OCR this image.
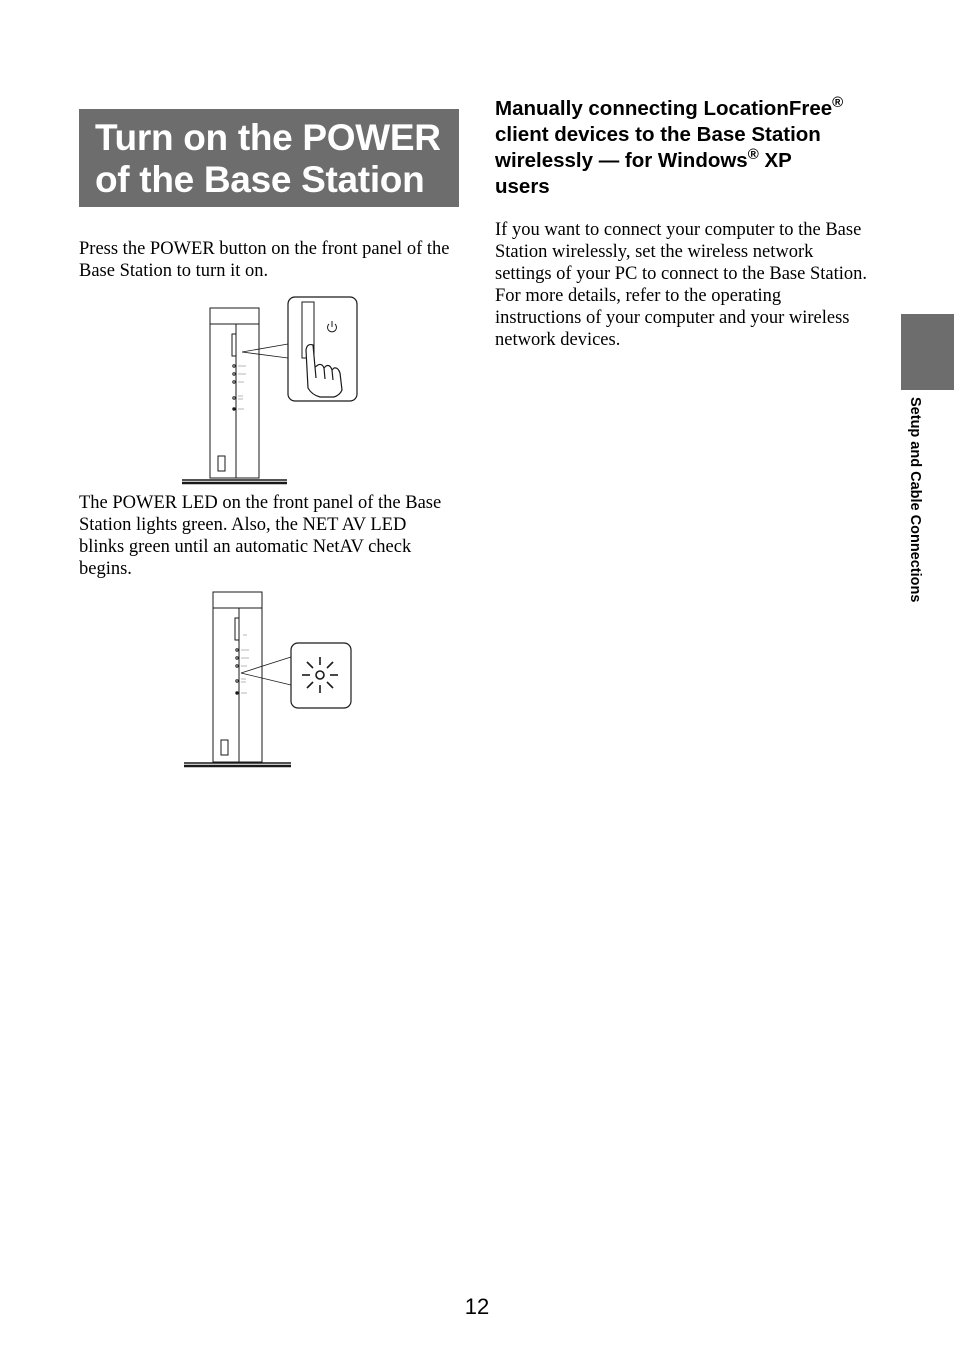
Turn on the POWER
of the Base Station

Press the POWER button on the front panel of the
Base Station to turn it on.

The POWER LED on the front panel of the Base
Station lights green. Also, the NET AV LED
blinks green until an automatic NetAV check
begins.

Manually connecting LocationFree®
client devices to the Base Station
wirelessly — for Windows® XP
users

If you want to connect your computer to the Base
Station wirelessly, set the wireless network
settings of your PC to connect to the Base Station.
For more details, refer to the operating
instructions of your computer and your wireless
network devices.

Setup and Cable Connections
12
